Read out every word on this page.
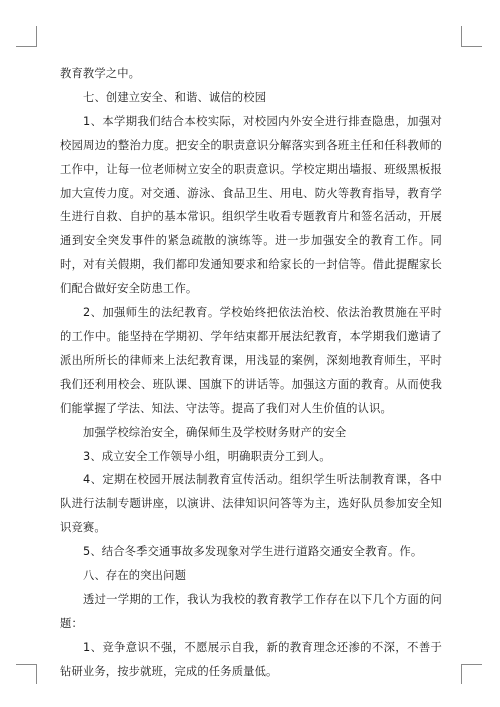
教育教学之中。

七、创建立安全、和谐、诚信的校园

1、本学期我们结合本校实际，对校园内外安全进行排查隐患，加强对校园周边的整治力度。把安全的职责意识分解落实到各班主任和任科教师的工作中，让每一位老师树立安全的职责意识。学校定期出墙报、班级黑板报加大宣传力度。对交通、游泳、食品卫生、用电、防火等教育指导，教育学生进行自救、自护的基本常识。组织学生收看专题教育片和签名活动，开展通到安全突发事件的紧急疏散的演练等。进一步加强安全的教育工作。同时，对有关假期，我们都印发通知要求和给家长的一封信等。借此提醒家长们配合做好安全防患工作。

2、加强师生的法纪教育。学校始终把依法治校、依法治教贯施在平时的工作中。能坚持在学期初、学年结束都开展法纪教育，本学期我们邀请了派出所所长的律师来上法纪教育课，用浅显的案例，深刻地教育师生，平时我们还利用校会、班队课、国旗下的讲话等。加强这方面的教育。从而使我们能掌握了学法、知法、守法等。提高了我们对人生价值的认识。

加强学校综治安全，确保师生及学校财务财产的安全

3、成立安全工作领导小组，明确职责分工到人。

4、定期在校园开展法制教育宣传活动。组织学生听法制教育课，各中队进行法制专题讲座，以演讲、法律知识问答等为主，选好队员参加安全知识竞赛。

5、结合冬季交通事故多发现象对学生进行道路交通安全教育。作。

八、存在的突出问题

透过一学期的工作，我认为我校的教育教学工作存在以下几个方面的问题：

1、竞争意识不强，不愿展示自我，新的教育理念还渗的不深，不善于钻研业务，按步就班，完成的任务质量低。
